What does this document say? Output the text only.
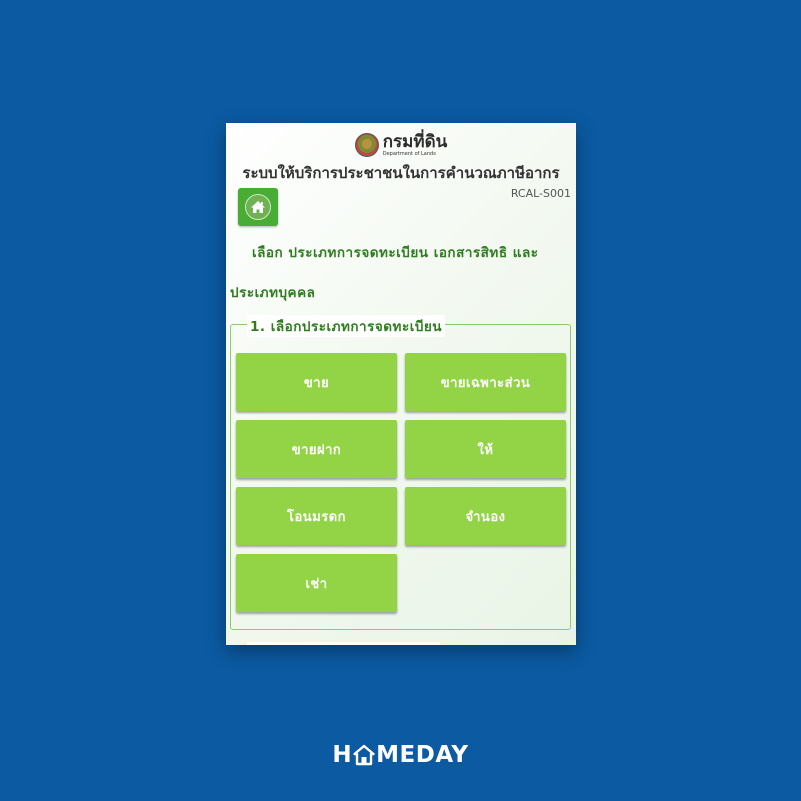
กรมที่ดิน
Department of Lands
ระบบให้บริการประชาชนในการคำนวณภาษีอากร
RCAL-S001
เลือก ประเภทการจดทะเบียน เอกสารสิทธิ และ
ประเภทบุคคล
1. เลือกประเภทการจดทะเบียน
ขาย	ขายเฉพาะส่วน
ขายฝาก	ให้
โอนมรดก	จำนอง
เช่า
H MEDAY
